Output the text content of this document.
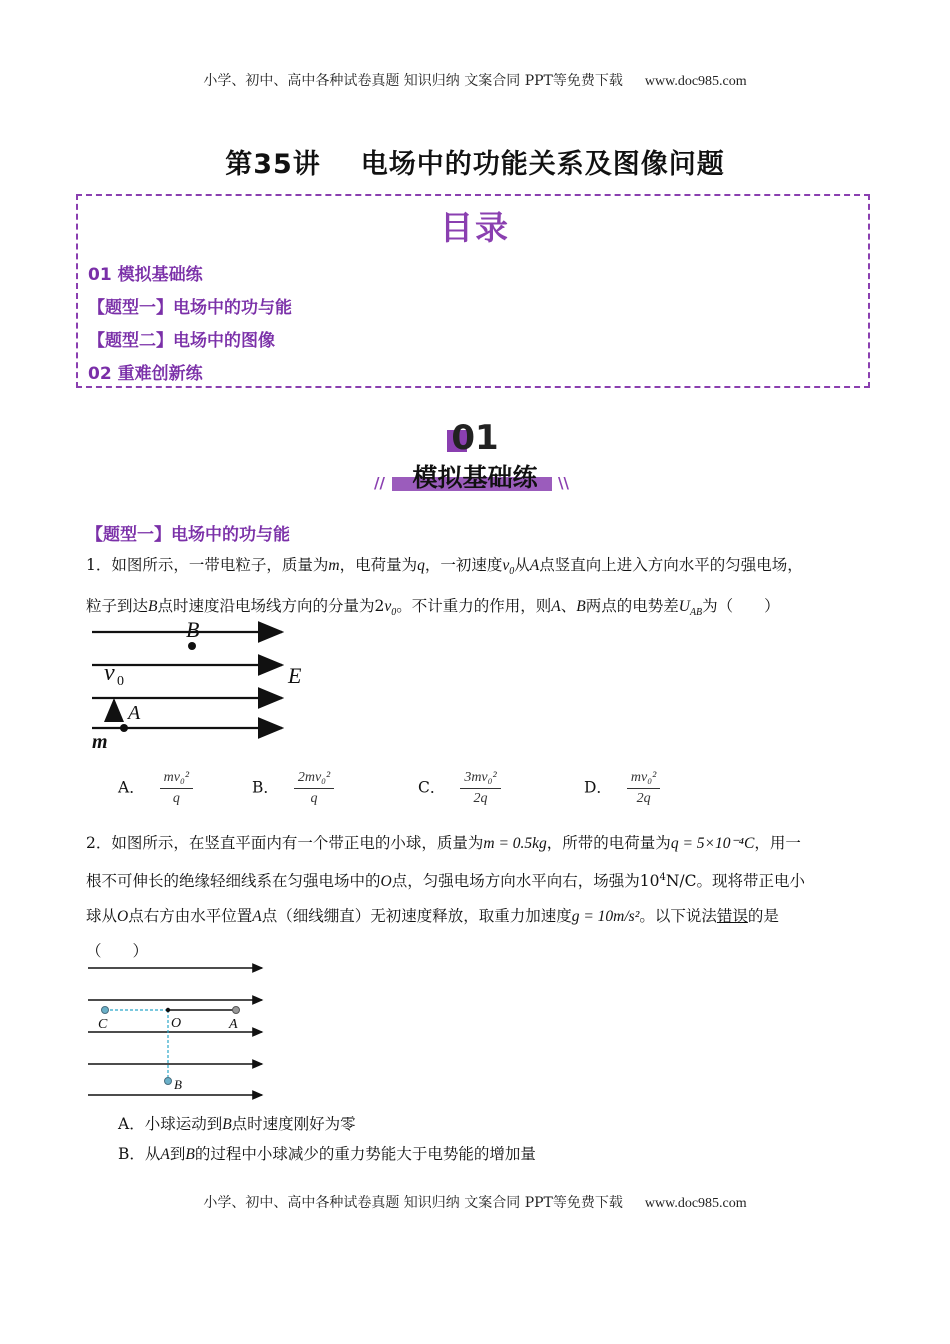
小学、初中、高中各种试卷真题 知识归纳 文案合同 PPT等免费下载 www.doc985.com
第35讲 电场中的功能关系及图像问题
目录
01 模拟基础练
【题型一】电场中的功与能
【题型二】电场中的图像
02 重难创新练
01
模拟基础练
//	\\
【题型一】电场中的功与能
1．如图所示，一带电粒子，质量为m，电荷量为q，一初速度$v_0$从A点竖直向上进入方向水平的匀强电场，
粒子到达B点时速度沿电场线方向的分量为$2v_0$。不计重力的作用，则A、B两点的电势差$U_{AB}$为（　　）
B
E
v 0
A
m
A． $\frac{\text{mv₀²}}{q}$	B． $\frac{\text{2mv₀²}}{q}$	C． $\frac{\text{3mv₀²}}{2q}$	D． $\frac{\text{mv₀²}}{2q}$
2．如图所示，在竖直平面内有一个带正电的小球，质量为m = 0.5kg，所带的电荷量为q = 5×10⁻⁴C，用一
根不可伸长的绝缘轻细线系在匀强电场中的O点，匀强电场方向水平向右，场强为$10^4N/C$。现将带正电小
球从O点右方由水平位置A点（细线绷直）无初速度释放，取重力加速度g = 10m/s²。以下说法错误的是
（　　）
C	O	A
B
A．小球运动到B点时速度刚好为零
B．从A到B的过程中小球减少的重力势能大于电势能的增加量
小学、初中、高中各种试卷真题 知识归纳 文案合同 PPT等免费下载 www.doc985.com
